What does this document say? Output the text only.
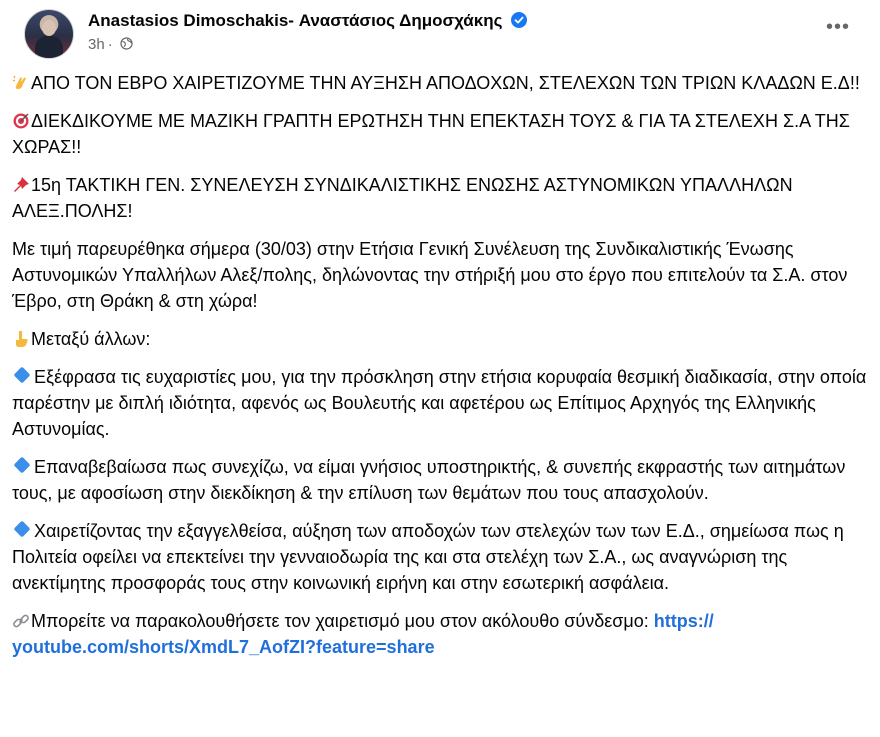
Anastasios Dimoschakis- Αναστάσιος Δημοσχάκης
3h ·
•••

ΑΠΟ ΤΟΝ ΕΒΡΟ ΧΑΙΡΕΤΙΖΟΥΜΕ ΤΗΝ ΑΥΞΗΣΗ ΑΠΟΔΟΧΩΝ, ΣΤΕΛΕΧΩΝ ΤΩΝ ΤΡΙΩΝ ΚΛΑΔΩΝ Ε.Δ!!

ΔΙΕΚΔΙΚΟΥΜΕ ΜΕ ΜΑΖΙΚΗ ΓΡΑΠΤΗ ΕΡΩΤΗΣΗ ΤΗΝ ΕΠΕΚΤΑΣΗ ΤΟΥΣ & ΓΙΑ ΤΑ ΣΤΕΛΕΧΗ Σ.Α ΤΗΣ ΧΩΡΑΣ!!

15η ΤΑΚΤΙΚΗ ΓΕΝ. ΣΥΝΕΛΕΥΣΗ ΣΥΝΔΙΚΑΛΙΣΤΙΚΗΣ ΕΝΩΣΗΣ ΑΣΤΥΝΟΜΙΚΩΝ ΥΠΑΛΛΗΛΩΝ ΑΛΕΞ.ΠΟΛΗΣ!

Με τιμή παρευρέθηκα σήμερα (30/03) στην Ετήσια Γενική Συνέλευση της Συνδικαλιστικής Ένωσης Αστυνομικών Υπαλλήλων Αλεξ/πολης, δηλώνοντας την στήριξή μου στο έργο που επιτελούν τα Σ.Α. στον Έβρο, στη Θράκη & στη χώρα!

Μεταξύ άλλων:

Εξέφρασα τις ευχαριστίες μου, για την πρόσκληση στην ετήσια κορυφαία θεσμική διαδικασία, στην οποία παρέστην με διπλή ιδιότητα, αφενός ως Βουλευτής και αφετέρου ως Επίτιμος Αρχηγός της Ελληνικής Αστυνομίας.

Επαναβεβαίωσα πως συνεχίζω, να είμαι γνήσιος υποστηρικτής, & συνεπής εκφραστής των αιτημάτων τους, με αφοσίωση στην διεκδίκηση & την επίλυση των θεμάτων που τους απασχολούν.

Χαιρετίζοντας την εξαγγελθείσα, αύξηση των αποδοχών των στελεχών των των Ε.Δ., σημείωσα πως η Πολιτεία οφείλει να επεκτείνει την γενναιοδωρία της και στα στελέχη των Σ.Α., ως αναγνώριση της ανεκτίμητης προσφοράς τους στην κοινωνική ειρήνη και στην εσωτερική ασφάλεια.

Μπορείτε να παρακολουθήσετε τον χαιρετισμό μου στον ακόλουθο σύνδεσμο: https:// youtube.com/shorts/XmdL7_AofZI?feature=share
